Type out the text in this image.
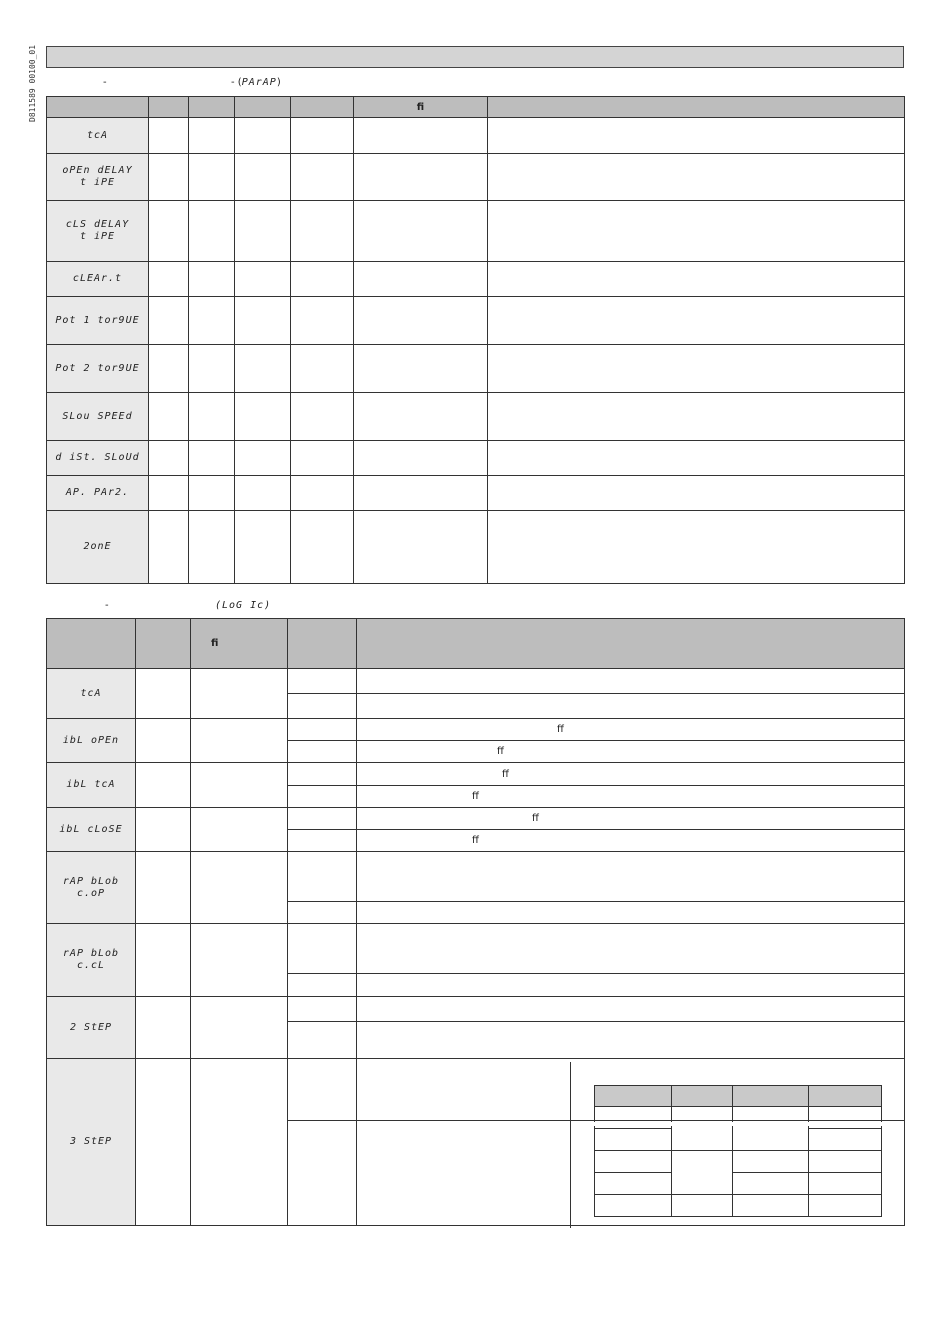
D811589 00100_01	-	- (PArAP)
					fi	

tcA						

oPEn dELAY
t iPE						

cLS dELAY
t iPE						

cLEAr.t						

Pot 1 tor9UE						

Pot 2 tor9UE						

SLou SPEEd						

d iSt. SLoUd						

AP. PAr2.						

2onE						

-	(LoG Ic)
		fi		

tcA				

ibL oPEn				ff
				ff

ibL tcA				ff
				ff

ibL cLoSE				ff
				ff

rAP bLob
c.oP				

rAP bLob
c.cL				

2 StEP				

3 StEP				
